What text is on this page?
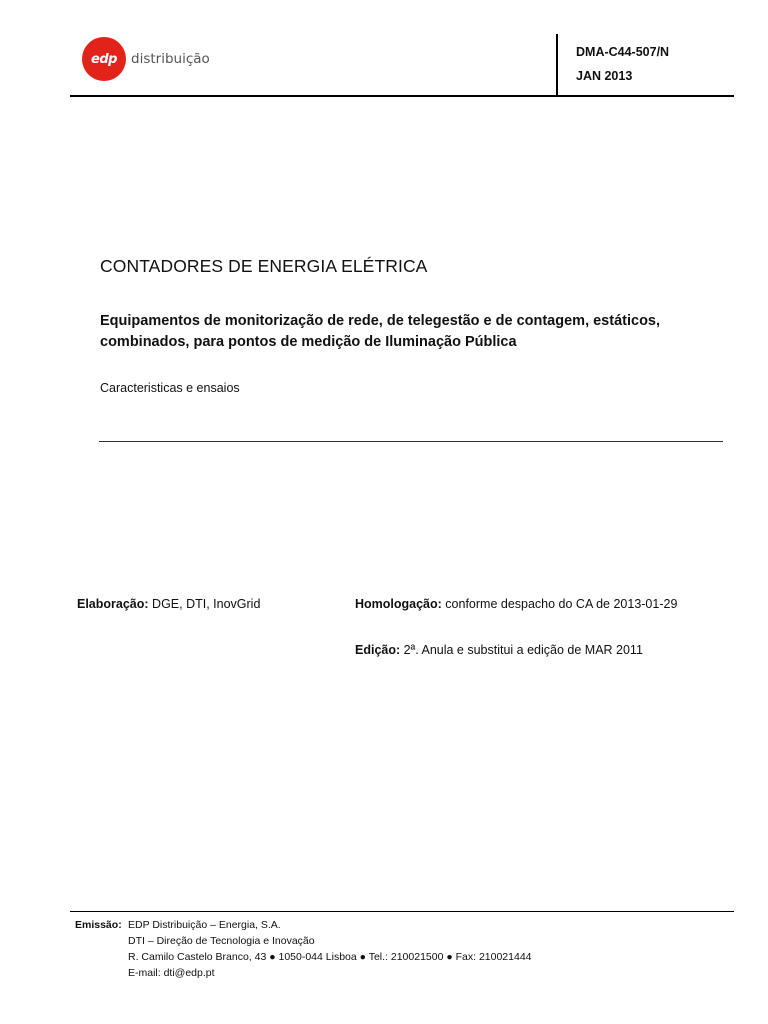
edp distribuição	DMA-C44-507/N
JAN 2013
CONTADORES DE ENERGIA ELÉTRICA
Equipamentos de monitorização de rede, de telegestão e de contagem, estáticos, combinados, para pontos de medição de Iluminação Pública
Caracteristicas e ensaios
Elaboração: DGE, DTI, InovGrid	Homologação: conforme despacho do CA de 2013-01-29
Edição: 2ª. Anula e substitui a edição de MAR 2011
Emissão: EDP Distribuição – Energia, S.A.
DTI – Direção de Tecnologia e Inovação
R. Camilo Castelo Branco, 43 ● 1050-044 Lisboa ● Tel.: 210021500 ● Fax: 210021444
E-mail: dti@edp.pt
